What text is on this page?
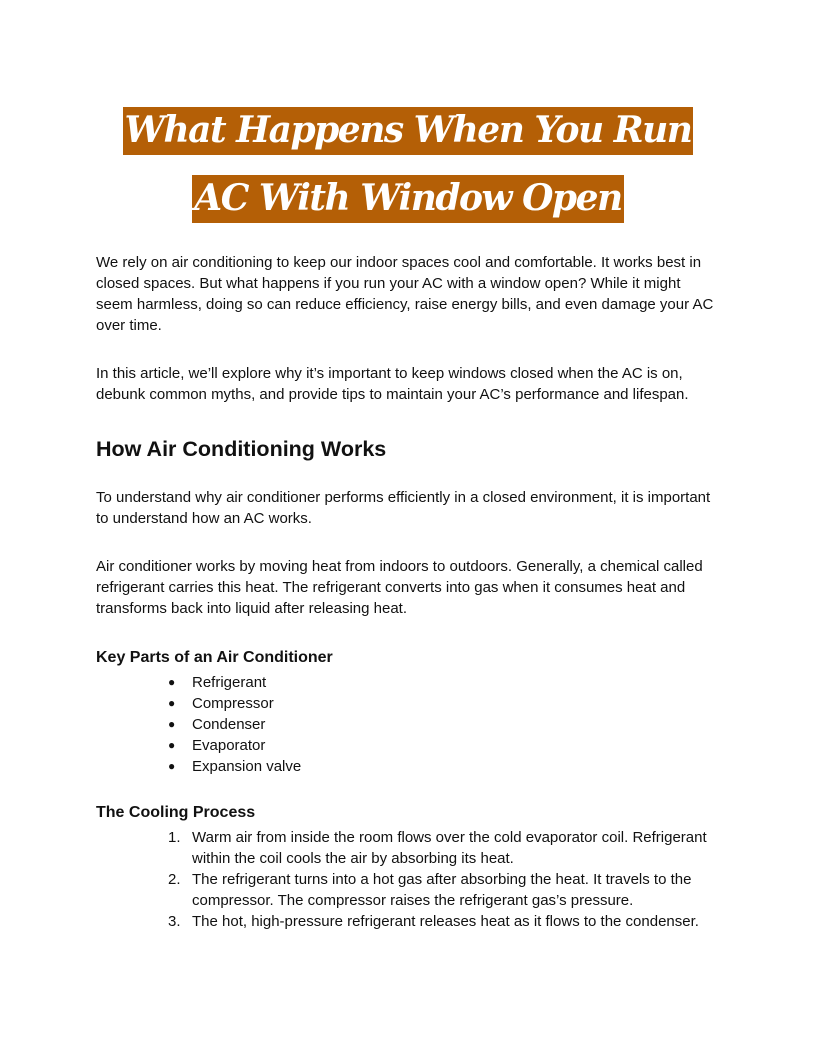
What Happens When You Run AC With Window Open

We rely on air conditioning to keep our indoor spaces cool and comfortable. It works best in closed spaces. But what happens if you run your AC with a window open? While it might seem harmless, doing so can reduce efficiency, raise energy bills, and even damage your AC over time.

In this article, we’ll explore why it’s important to keep windows closed when the AC is on, debunk common myths, and provide tips to maintain your AC’s performance and lifespan.

How Air Conditioning Works

To understand why air conditioner performs efficiently in a closed environment, it is important to understand how an AC works.

Air conditioner works by moving heat from indoors to outdoors. Generally, a chemical called refrigerant carries this heat. The refrigerant converts into gas when it consumes heat and transforms back into liquid after releasing heat.

Key Parts of an Air Conditioner
● Refrigerant
● Compressor
● Condenser
● Evaporator
● Expansion valve
The Cooling Process
1. Warm air from inside the room flows over the cold evaporator coil. Refrigerant within the coil cools the air by absorbing its heat.
2. The refrigerant turns into a hot gas after absorbing the heat. It travels to the compressor. The compressor raises the refrigerant gas’s pressure.
3. The hot, high-pressure refrigerant releases heat as it flows to the condenser.
